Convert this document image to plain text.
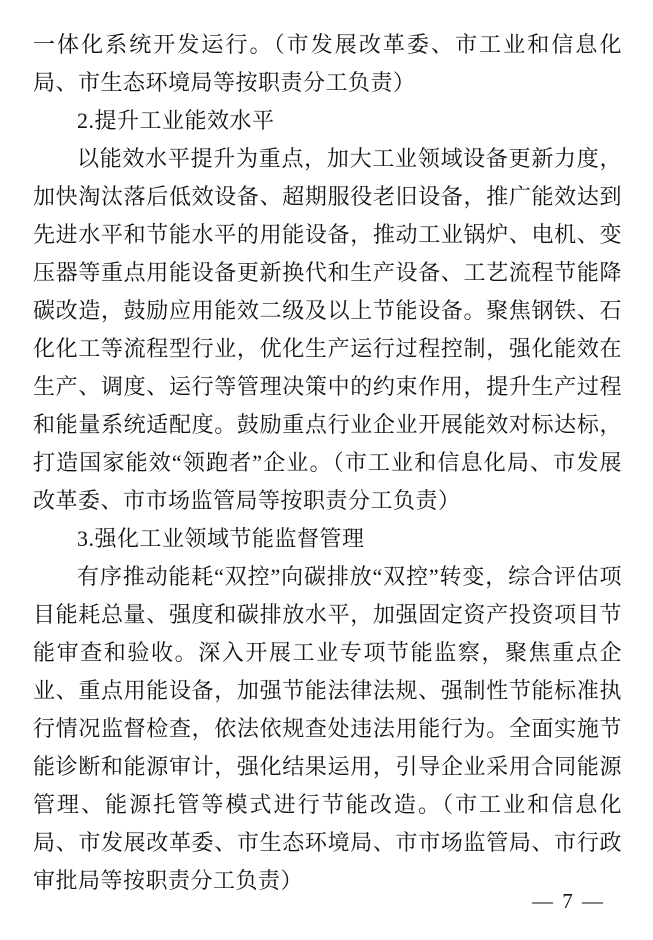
一体化系统开发运行。（市发展改革委、市工业和信息化局、市生态环境局等按职责分工负责）

2.提升工业能效水平

以能效水平提升为重点，加大工业领域设备更新力度，加快淘汰落后低效设备、超期服役老旧设备，推广能效达到先进水平和节能水平的用能设备，推动工业锅炉、电机、变压器等重点用能设备更新换代和生产设备、工艺流程节能降碳改造，鼓励应用能效二级及以上节能设备。聚焦钢铁、石化化工等流程型行业，优化生产运行过程控制，强化能效在生产、调度、运行等管理决策中的约束作用，提升生产过程和能量系统适配度。鼓励重点行业企业开展能效对标达标，打造国家能效“领跑者”企业。（市工业和信息化局、市发展改革委、市市场监管局等按职责分工负责）

3.强化工业领域节能监督管理

有序推动能耗“双控”向碳排放“双控”转变，综合评估项目能耗总量、强度和碳排放水平，加强固定资产投资项目节能审查和验收。深入开展工业专项节能监察，聚焦重点企业、重点用能设备，加强节能法律法规、强制性节能标准执行情况监督检查，依法依规查处违法用能行为。全面实施节能诊断和能源审计，强化结果运用，引导企业采用合同能源管理、能源托管等模式进行节能改造。（市工业和信息化局、市发展改革委、市生态环境局、市市场监管局、市行政审批局等按职责分工负责）

— 7 —
